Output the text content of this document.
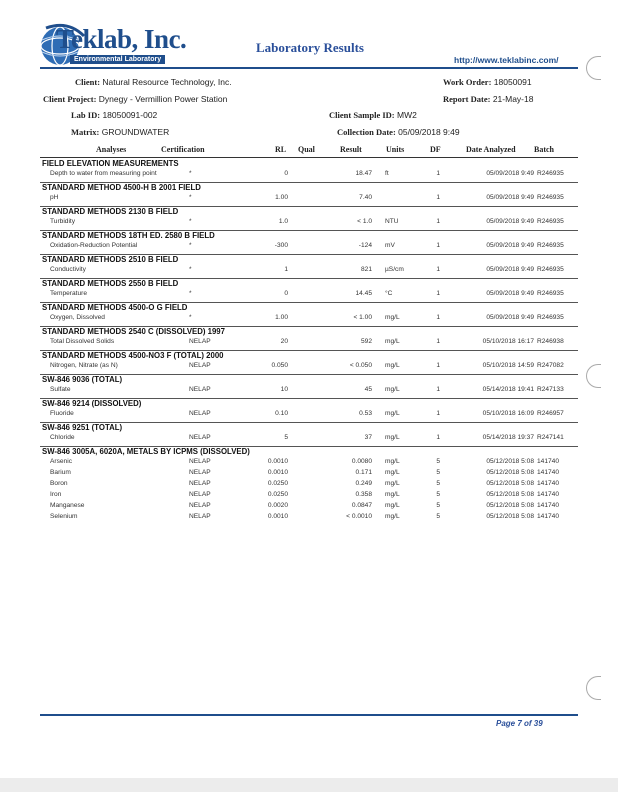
Teklab, Inc.
Environmental Laboratory
Laboratory Results
http://www.teklabinc.com/
Client: Natural Resource Technology, Inc.	Work Order: 18050091
Client Project: Dynegy - Vermillion Power Station	Report Date: 21-May-18
Lab ID: 18050091-002	Client Sample ID: MW2
Matrix: GROUNDWATER	Collection Date: 05/09/2018 9:49
Analyses	Certification	RL Qual	Result	Units	DF	Date Analyzed Batch
FIELD ELEVATION MEASUREMENTS
Depth to water from measuring point	*	0	18.47 ft	1	05/09/2018 9:49 R246935
STANDARD METHOD 4500-H B 2001 FIELD
pH	*	1.00	7.40	1	05/09/2018 9:49 R246935
STANDARD METHODS 2130 B FIELD
Turbidity	*	1.0	< 1.0 NTU	1	05/09/2018 9:49 R246935
STANDARD METHODS 18TH ED. 2580 B FIELD
Oxidation-Reduction Potential	*	-300	-124 mV	1	05/09/2018 9:49 R246935
STANDARD METHODS 2510 B FIELD
Conductivity	*	1	821 µS/cm	1	05/09/2018 9:49 R246935
STANDARD METHODS 2550 B FIELD
Temperature	*	0	14.45 °C	1	05/09/2018 9:49 R246935
STANDARD METHODS 4500-O G FIELD
Oxygen, Dissolved	*	1.00	< 1.00 mg/L	1	05/09/2018 9:49 R246935
STANDARD METHODS 2540 C (DISSOLVED) 1997
Total Dissolved Solids	NELAP	20	592 mg/L	1	05/10/2018 16:17 R246938
STANDARD METHODS 4500-NO3 F (TOTAL) 2000
Nitrogen, Nitrate (as N)	NELAP	0.050	< 0.050 mg/L	1	05/10/2018 14:59 R247082
SW-846 9036 (TOTAL)
Sulfate	NELAP	10	45 mg/L	1	05/14/2018 19:41 R247133
SW-846 9214 (DISSOLVED)
Fluoride	NELAP	0.10	0.53 mg/L	1	05/10/2018 16:09 R246957
SW-846 9251 (TOTAL)
Chloride	NELAP	5	37 mg/L	1	05/14/2018 19:37 R247141
SW-846 3005A, 6020A, METALS BY ICPMS (DISSOLVED)
Arsenic	NELAP	0.0010	0.0080 mg/L	5	05/12/2018 5:08 141740
Barium	NELAP	0.0010	0.171 mg/L	5	05/12/2018 5:08 141740
Boron	NELAP	0.0250	0.249 mg/L	5	05/12/2018 5:08 141740
Iron	NELAP	0.0250	0.358 mg/L	5	05/12/2018 5:08 141740
Manganese	NELAP	0.0020	0.0847 mg/L	5	05/12/2018 5:08 141740
Selenium	NELAP	0.0010	< 0.0010 mg/L	5	05/12/2018 5:08 141740
Page 7 of 39
